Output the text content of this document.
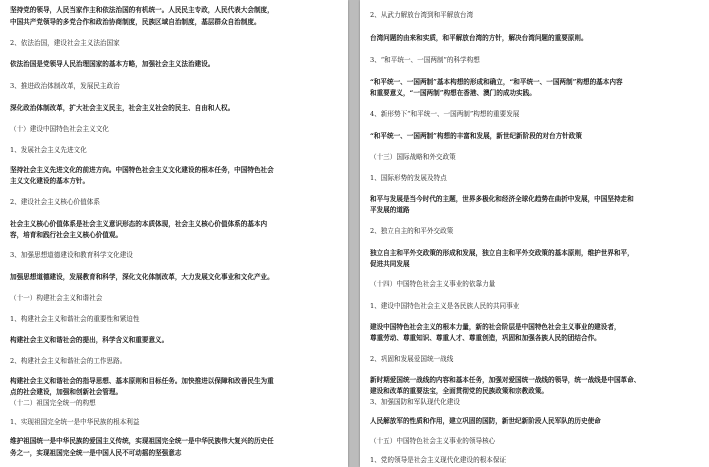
坚持党的领导，人民当家作主和依法治国的有机统一。人民民主专政，人民代表大会制度，
中国共产党领导的多党合作和政治协商制度，民族区域自治制度，基层群众自治制度。
2、依法治国，建设社会主义法治国家
依法治国是党领导人民治理国家的基本方略，加强社会主义法治建设。
3、推进政治体制改革，发展民主政治
深化政治体制改革，扩大社会主义民主，社会主义社会的民主、自由和人权。
（十）建设中国特色社会主义文化
1、发展社会主义先进文化
坚持社会主义先进文化的前进方向。中国特色社会主义文化建设的根本任务，中国特色社会
主义文化建设的基本方针。
2、建设社会主义核心价值体系
社会主义核心价值体系是社会主义意识形态的本质体现，社会主义核心价值体系的基本内
容，培育和践行社会主义核心价值观。
3、加强思想道德建设和教育科学文化建设
加强思想道德建设，发展教育和科学，深化文化体制改革，大力发展文化事业和文化产业。
（十一）构建社会主义和谐社会
1、构建社会主义和谐社会的重要性和紧迫性
构建社会主义和谐社会的提出，科学含义和重要意义。
2、构建社会主义和谐社会的工作思路。
构建社会主义和谐社会的指导思想、基本原则和目标任务。加快推进以保障和改善民生为重
点的社会建设，加强和创新社会管理。
（十二）祖国完全统一的构想
1、实现祖国完全统一是中华民族的根本利益
维护祖国统一是中华民族的爱国主义传统，实现祖国完全统一是中华民族伟大复兴的历史任
务之一，实现祖国完全统一是中国人民不可动摇的坚强意志
2、从武力解放台湾到和平解放台湾
台湾问题的由来和实质，和平解放台湾的方针，解决台湾问题的重要原则。
3、“和平统一、一国两制”的科学构想
“和平统一、一国两制”基本构想的形成和确立，“和平统一、一国两制”构想的基本内容
和重要意义，“一国两制”构想在香港、澳门的成功实践。
4、新形势下“和平统一、一国两制”构想的重要发展
“和平统一、一国两制”构想的丰富和发展，新世纪新阶段的对台方针政策
（十三）国际战略和外交政策
1、国际形势的发展及特点
和平与发展是当今时代的主题，世界多极化和经济全球化趋势在曲折中发展，中国坚持走和
平发展的道路
2、独立自主的和平外交政策
独立自主和平外交政策的形成和发展，独立自主和平外交政策的基本原则，维护世界和平，
促进共同发展
（十四）中国特色社会主义事业的依靠力量
1、建设中国特色社会主义是各民族人民的共同事业
建设中国特色社会主义的根本力量，新的社会阶层是中国特色社会主义事业的建设者，
尊重劳动、尊重知识、尊重人才、尊重创造，巩固和加强各族人民的团结合作。
2、巩固和发展爱国统一战线
新时期爱国统一战线的内容和基本任务，加强对爱国统一战线的领导，统一战线是中国革命、
建设和改革的重要法宝，全面贯彻党的民族政策和宗教政策。
3、加强国防和军队现代化建设
人民解放军的性质和作用，建立巩固的国防，新世纪新阶段人民军队的历史使命
（十五）中国特色社会主义事业的领导核心
1、党的领导是社会主义现代化建设的根本保证
